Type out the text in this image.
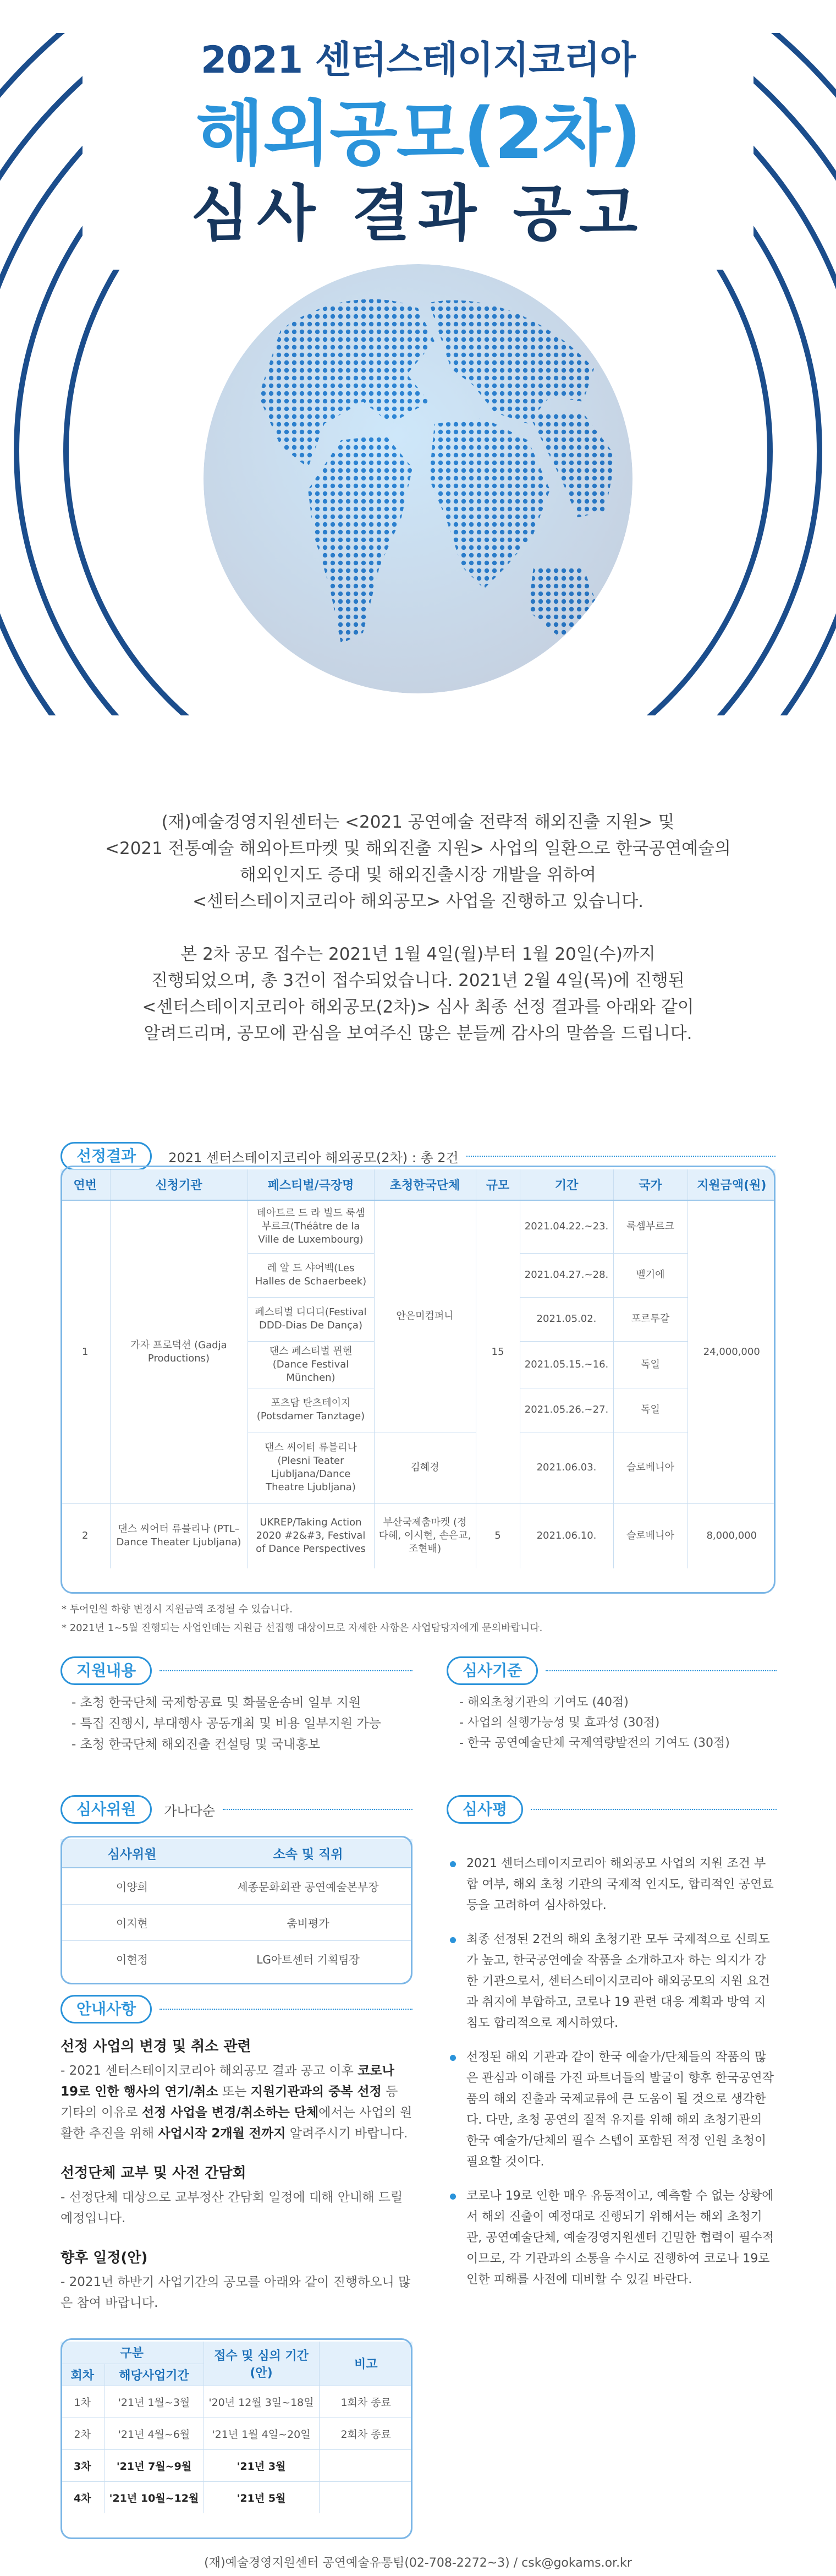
2021 센터스테이지코리아
해외공모(2차)
심사 결과 공고

(재)예술경영지원센터는 <2021 공연예술 전략적 해외진출 지원> 및
<2021 전통예술 해외아트마켓 및 해외진출 지원> 사업의 일환으로 한국공연예술의
해외인지도 증대 및 해외진출시장 개발을 위하여
<센터스테이지코리아 해외공모> 사업을 진행하고 있습니다.

본 2차 공모 접수는 2021년 1월 4일(월)부터 1월 20일(수)까지
진행되었으며, 총 3건이 접수되었습니다. 2021년 2월 4일(목)에 진행된
<센터스테이지코리아 해외공모(2차)> 심사 최종 선정 결과를 아래와 같이
알려드리며, 공모에 관심을 보여주신 많은 분들께 감사의 말씀을 드립니다.

선정결과	2021 센터스테이지코리아 해외공모(2차) : 총 2건
연번	신청기관	페스티벌/극장명	초청한국단체	규모	기간	국가	지원금액(원)
1	가자 프로덕션 (Gadja Productions)	테아트르 드 라 빌드 룩셈부르크(Théâtre de la Ville de Luxembourg)	안은미컴퍼니	15	2021.04.22.~23.	룩셈부르크	24,000,000
		레 알 드 샤어벡(Les Halles de Schaerbeek)			2021.04.27.~28.	벨기에	
		페스티벌 디디디(Festival DDD-Dias De Dança)			2021.05.02.	포르투갈	
		댄스 페스티벌 뮌헨(Dance Festival München)			2021.05.15.~16.	독일	
		포츠담 탄츠테이지 (Potsdamer Tanztage)			2021.05.26.~27.	독일	
		댄스 씨어터 류블리나 (Plesni Teater Ljubljana/Dance Theatre Ljubljana)	김혜경		2021.06.03.	슬로베니아	
2	댄스 씨어터 류블리나 (PTL–Dance Theater Ljubljana)	UKREP/Taking Action 2020 #2&#3, Festival of Dance Perspectives	부산국제춤마켓 (정다혜, 이시현, 손은교, 조현배)	5	2021.06.10.	슬로베니아	8,000,000
* 투어인원 하향 변경시 지원금액 조정될 수 있습니다.
* 2021년 1~5월 진행되는 사업인데는 지원금 선집행 대상이므로 자세한 사항은 사업담당자에게 문의바랍니다.
지원내용
- 초청 한국단체 국제항공료 및 화물운송비 일부 지원
- 특집 진행시, 부대행사 공동개최 및 비용 일부지원 가능
- 초청 한국단체 해외진출 컨설팅 및 국내홍보
심사기준
- 해외초청기관의 기여도 (40점)
- 사업의 실행가능성 및 효과성 (30점)
- 한국 공연예술단체 국제역량발전의 기여도 (30점)
심사위원	가나다순
심사위원	소속 및 직위
이양희	세종문화회관 공연예술본부장
이지현	춤비평가
이현정	LG아트센터 기획팀장
심사평
2021 센터스테이지코리아 해외공모 사업의 지원 조건 부합 여부, 해외 초청 기관의 국제적 인지도, 합리적인 공연료 등을 고려하여 심사하였다.
최종 선정된 2건의 해외 초청기관 모두 국제적으로 신뢰도가 높고, 한국공연예술 작품을 소개하고자 하는 의지가 강한 기관으로서, 센터스테이지코리아 해외공모의 지원 요건과 취지에 부합하고, 코로나 19 관련 대응 계획과 방역 지침도 합리적으로 제시하였다.
선정된 해외 기관과 같이 한국 예술가/단체들의 작품의 많은 관심과 이해를 가진 파트너들의 발굴이 향후 한국공연작품의 해외 진출과 국제교류에 큰 도움이 될 것으로 생각한다. 다만, 초청 공연의 질적 유지를 위해 해외 초청기관의 한국 예술가/단체의 필수 스텝이 포함된 적정 인원 초청이 필요할 것이다.
코로나 19로 인한 매우 유동적이고, 예측할 수 없는 상황에서 해외 진출이 예정대로 진행되기 위해서는 해외 초청기관, 공연예술단체, 예술경영지원센터 긴밀한 협력이 필수적이므로, 각 기관과의 소통을 수시로 진행하여 코로나 19로 인한 피해를 사전에 대비할 수 있길 바란다.
안내사항
선정 사업의 변경 및 취소 관련
- 2021 센터스테이지코리아 해외공모 결과 공고 이후 코로나 19로 인한 행사의 연기/취소 또는 지원기관과의 중복 선정 등 기타의 이유로 선정 사업을 변경/취소하는 단체에서는 사업의 원활한 추진을 위해 사업시작 2개월 전까지 알려주시기 바랍니다.
선정단체 교부 및 사전 간담회
- 선정단체 대상으로 교부정산 간담회 일정에 대해 안내해 드릴 예정입니다.
향후 일정(안)
- 2021년 하반기 사업기간의 공모를 아래와 같이 진행하오니 많은 참여 바랍니다.
구분		접수 및 심의 기간(안)	비고
회차	해당사업기간		
1차	'21년 1월~3월	'20년 12월 3일~18일	1회차 종료
2차	'21년 4월~6월	'21년 1월 4일~20일	2회차 종료
3차	'21년 7월~9월	'21년 3월	
4차	'21년 10월~12월	'21년 5월	
(재)예술경영지원센터 공연예술유통팀(02-708-2272~3) / csk@gokams.or.kr
